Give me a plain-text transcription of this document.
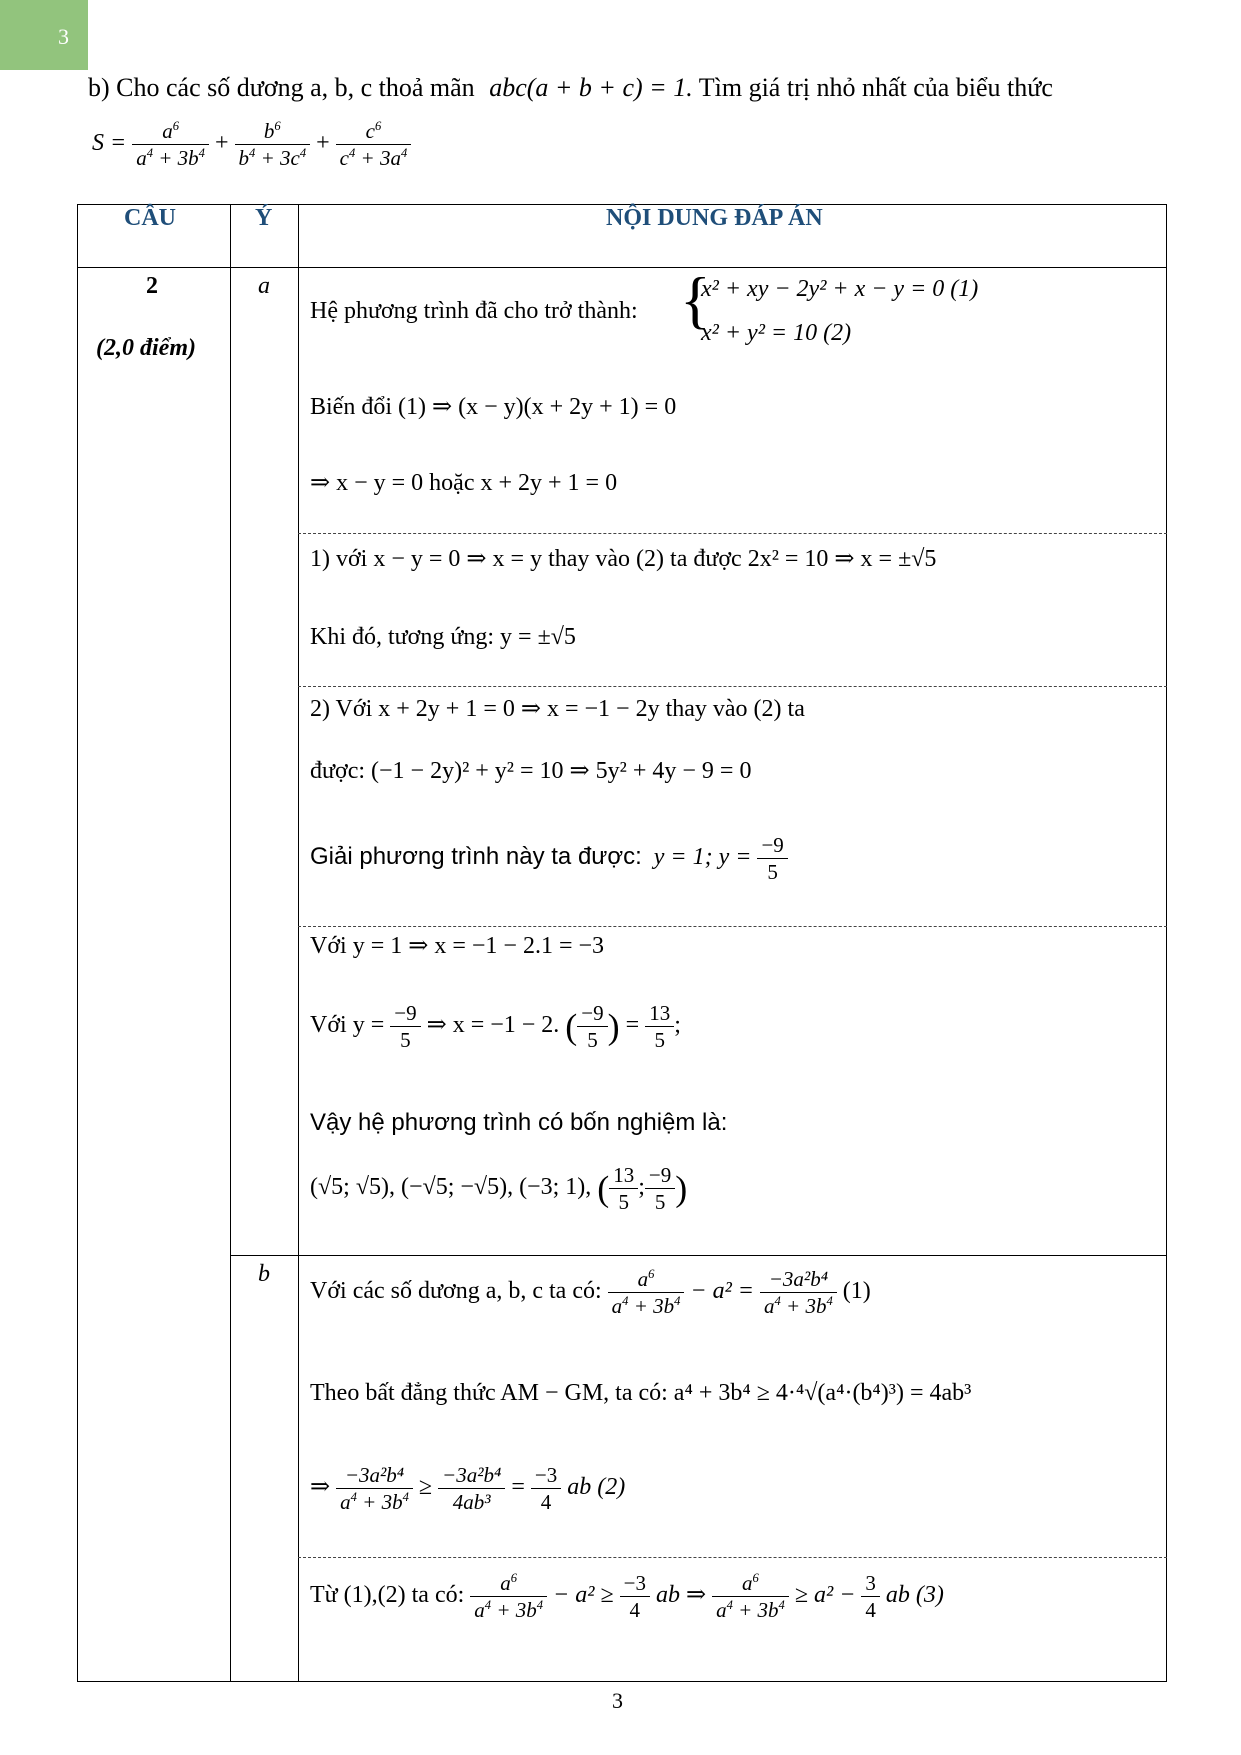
3
b) Cho các số dương a, b, c thoả mãn abc(a + b + c) = 1. Tìm giá trị nhỏ nhất của biểu thức
$S = \frac{a^6}{a^4 + 3b^4} + \frac{b^6}{b^4 + 3c^4} + \frac{c^6}{c^4 + 3a^4}$
CÂU	Ý	NỘI DUNG ĐÁP ÁN
2
(2,0 điểm)
a
b
Hệ phương trình đã cho trở thành: {
x² + xy − 2y² + x − y = 0 (1)
x² + y² = 10 (2)
Biến đổi (1) ⇒ (x − y)(x + 2y + 1) = 0
⇒ x − y = 0 hoặc x + 2y + 1 = 0
1) với x − y = 0 ⇒ x = y thay vào (2) ta được 2x² = 10 ⇒ x = ±√5
Khi đó, tương ứng: y = ±√5
2) Với x + 2y + 1 = 0 ⇒ x = −1 − 2y thay vào (2) ta
được: (−1 − 2y)² + y² = 10 ⇒ 5y² + 4y − 9 = 0
Giải phương trình này ta được: y = 1; $y = \frac{-9}{5}$
Với y = 1 ⇒ x = −1 − 2.1 = −3
Với $y = \frac{-9}{5}$ ⇒ x = −1 − 2. ( $\frac{-9}{5}$ ) = $\frac{13}{5}$ ;
Vậy hệ phương trình có bốn nghiệm là:
(√5; √5), (−√5; −√5), (−3; 1), ( $\frac{13}{5}$ ; $\frac{-9}{5}$ )
Với các số dương a, b, c ta có: $\frac{a^6}{a^4 + 3b^4} - a^2 = \frac{\text{−3a²b⁴}}{a^4 + 3b^4} (1)$
Theo bất đẳng thức AM − GM, ta có: a⁴ + 3b⁴ ≥ 4·⁴√(a⁴·(b⁴)³) = 4ab³
⇒ $\frac{\text{−3a²b⁴}}{a^4 + 3b^4} \ge \frac{\text{−3a²b⁴}}{\text{4ab³}} = \frac{-3}{4}$ ab (2)
Từ (1),(2) ta có: $\frac{a^6}{a^4 + 3b^4} - a^2 \ge \frac{-3}{4}$ ab ⇒ $\frac{a^6}{a^4 + 3b^4} \ge a^2 - \frac{3}{4}$ ab (3)
3
